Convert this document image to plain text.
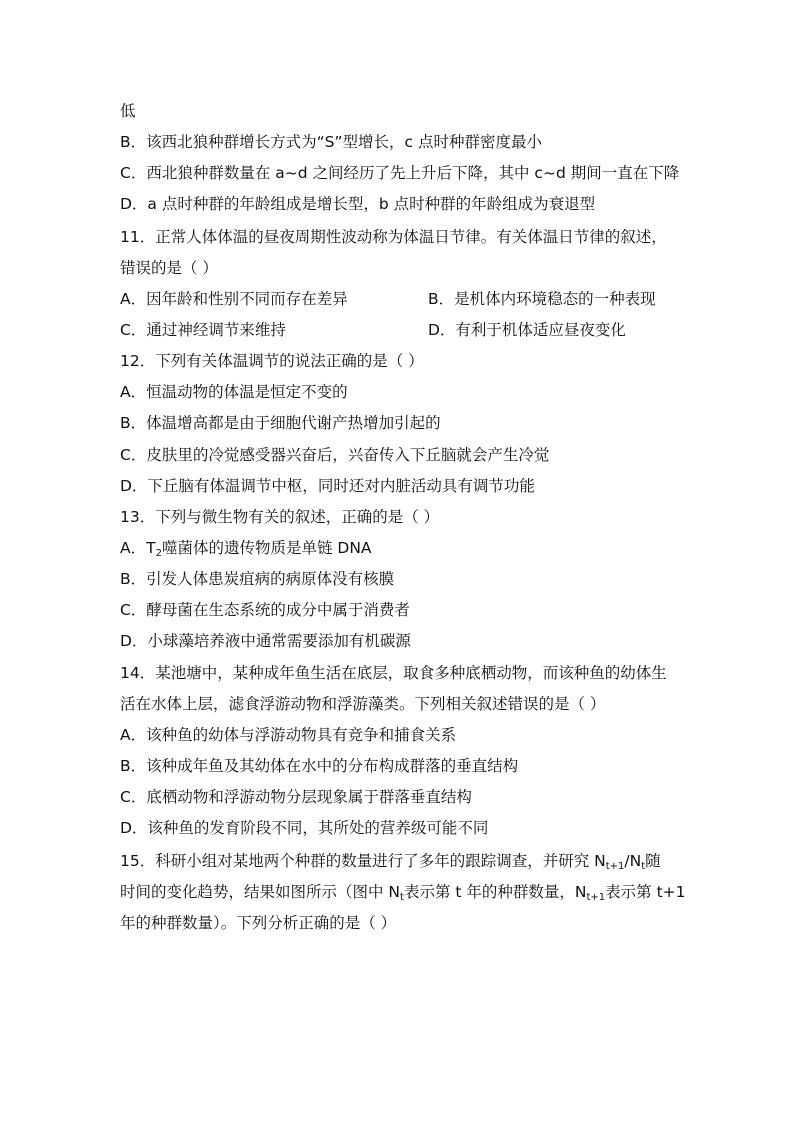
低
B．该西北狼种群增长方式为“S”型增长，c 点时种群密度最小
C．西北狼种群数量在 a~d 之间经历了先上升后下降，其中 c~d 期间一直在下降
D．a 点时种群的年龄组成是增长型，b 点时种群的年龄组成为衰退型
11．正常人体体温的昼夜周期性波动称为体温日节律。有关体温日节律的叙述，
错误的是（ ）
A．因年龄和性别不同而存在差异	B．是机体内环境稳态的一种表现
C．通过神经调节来维持	D．有利于机体适应昼夜变化
12．下列有关体温调节的说法正确的是（ ）
A．恒温动物的体温是恒定不变的
B．体温增高都是由于细胞代谢产热增加引起的
C．皮肤里的冷觉感受器兴奋后，兴奋传入下丘脑就会产生冷觉
D．下丘脑有体温调节中枢，同时还对内脏活动具有调节功能
13．下列与微生物有关的叙述，正确的是（ ）
A．$T_2$噬菌体的遗传物质是单链 DNA
B．引发人体患炭疽病的病原体没有核膜
C．酵母菌在生态系统的成分中属于消费者
D．小球藻培养液中通常需要添加有机碳源
14．某池塘中，某种成年鱼生活在底层，取食多种底栖动物，而该种鱼的幼体生
活在水体上层，滤食浮游动物和浮游藻类。下列相关叙述错误的是（ ）
A．该种鱼的幼体与浮游动物具有竞争和捕食关系
B．该种成年鱼及其幼体在水中的分布构成群落的垂直结构
C．底栖动物和浮游动物分层现象属于群落垂直结构
D．该种鱼的发育阶段不同，其所处的营养级可能不同
15．科研小组对某地两个种群的数量进行了多年的跟踪调查，并研究 $N_{t+1}/N_t$随
时间的变化趋势，结果如图所示（图中 $N_t$表示第 t 年的种群数量，$N_{t+1}$表示第 t+1
年的种群数量）。下列分析正确的是（ ）
